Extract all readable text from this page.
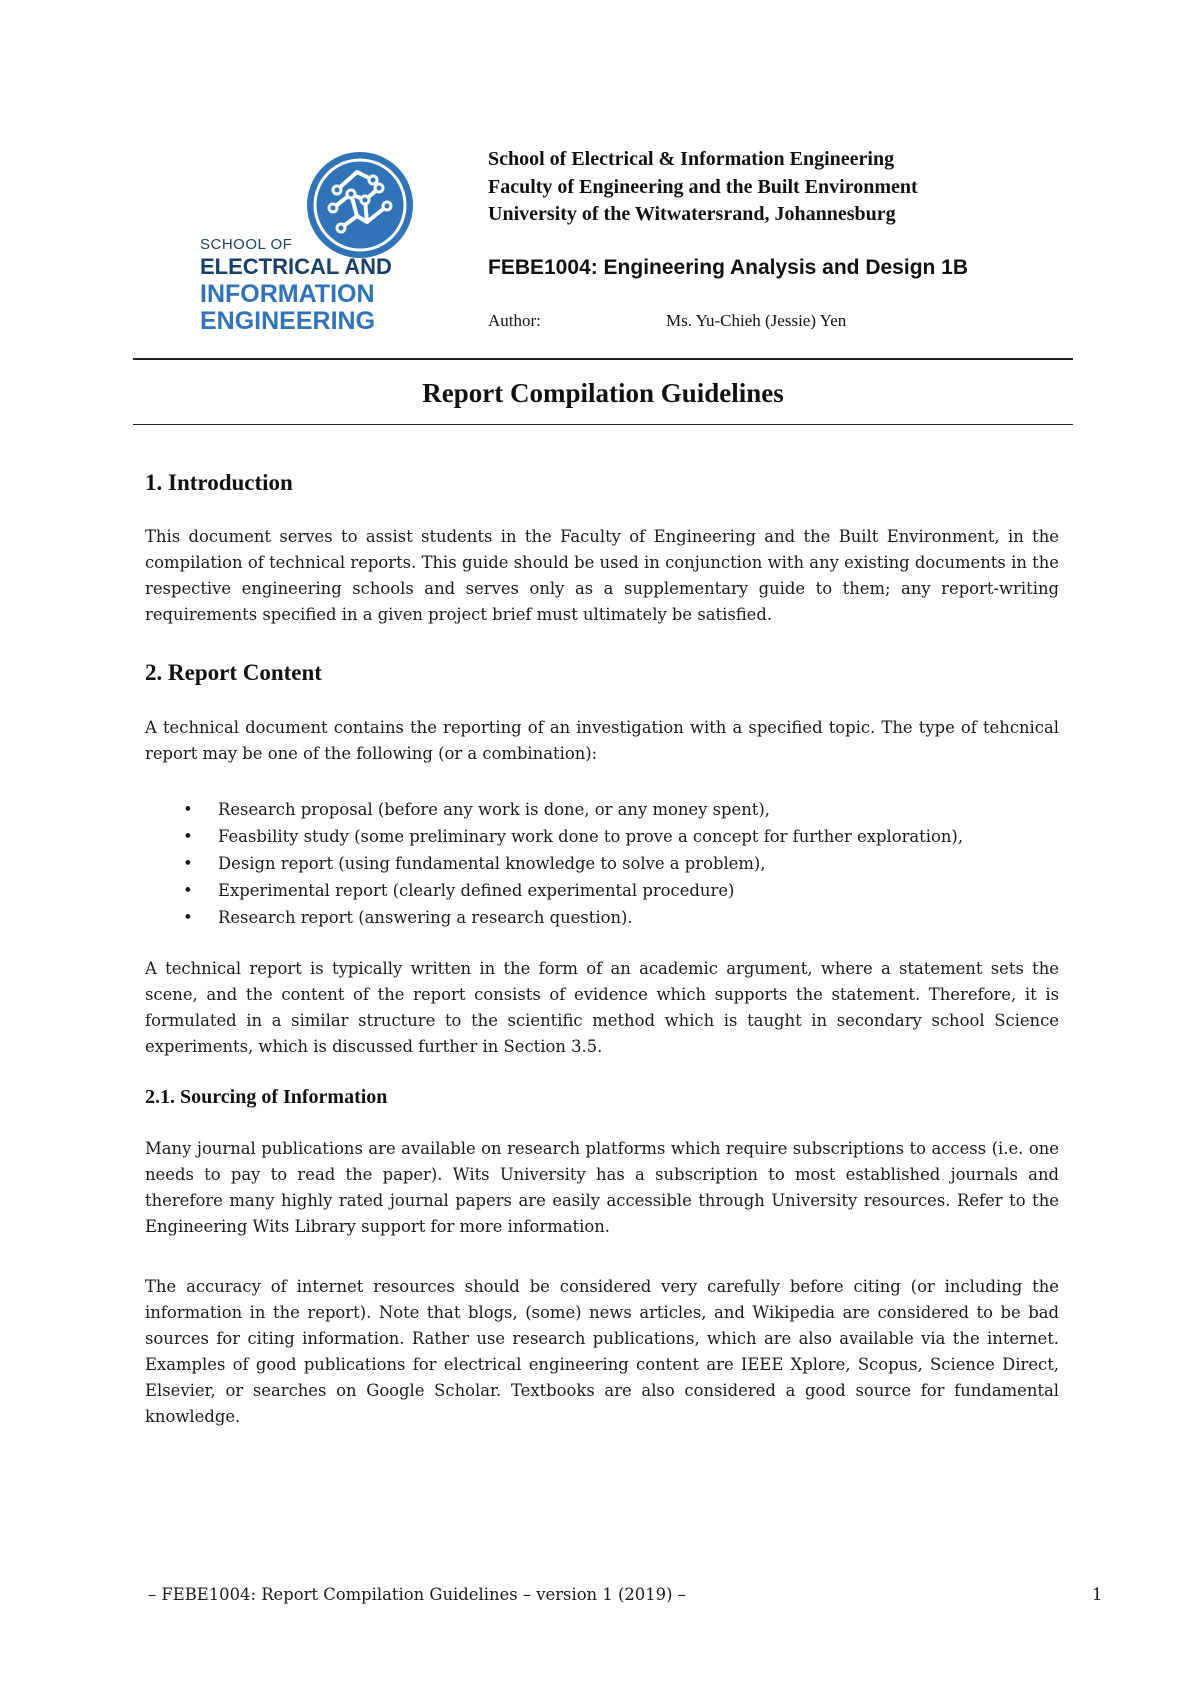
SCHOOL OF
ELECTRICAL AND
INFORMATION
ENGINEERING
School of Electrical & Information Engineering
Faculty of Engineering and the Built Environment
University of the Witwatersrand, Johannesburg
FEBE1004: Engineering Analysis and Design 1B
Author:	Ms. Yu-Chieh (Jessie) Yen
Report Compilation Guidelines
1. Introduction
This document serves to assist students in the Faculty of Engineering and the Built Environment, in the compilation of technical reports. This guide should be used in conjunction with any existing documents in the respective engineering schools and serves only as a supplementary guide to them; any report-writing requirements specified in a given project brief must ultimately be satisfied.
2. Report Content
A technical document contains the reporting of an investigation with a specified topic. The type of tehcnical report may be one of the following (or a combination):
• Research proposal (before any work is done, or any money spent),
• Feasbility study (some preliminary work done to prove a concept for further exploration),
• Design report (using fundamental knowledge to solve a problem),
• Experimental report (clearly defined experimental procedure)
• Research report (answering a research question).
A technical report is typically written in the form of an academic argument, where a statement sets the scene, and the content of the report consists of evidence which supports the statement. Therefore, it is formulated in a similar structure to the scientific method which is taught in secondary school Science experiments, which is discussed further in Section 3.5.
2.1. Sourcing of Information
Many journal publications are available on research platforms which require subscriptions to access (i.e. one needs to pay to read the paper). Wits University has a subscription to most established journals and therefore many highly rated journal papers are easily accessible through University resources. Refer to the Engineering Wits Library support for more information.
The accuracy of internet resources should be considered very carefully before citing (or including the information in the report). Note that blogs, (some) news articles, and Wikipedia are considered to be bad sources for citing information. Rather use research publications, which are also available via the internet. Examples of good publications for electrical engineering content are IEEE Xplore, Scopus, Science Direct, Elsevier, or searches on Google Scholar. Textbooks are also considered a good source for fundamental knowledge.
– FEBE1004: Report Compilation Guidelines – version 1 (2019) –	1
